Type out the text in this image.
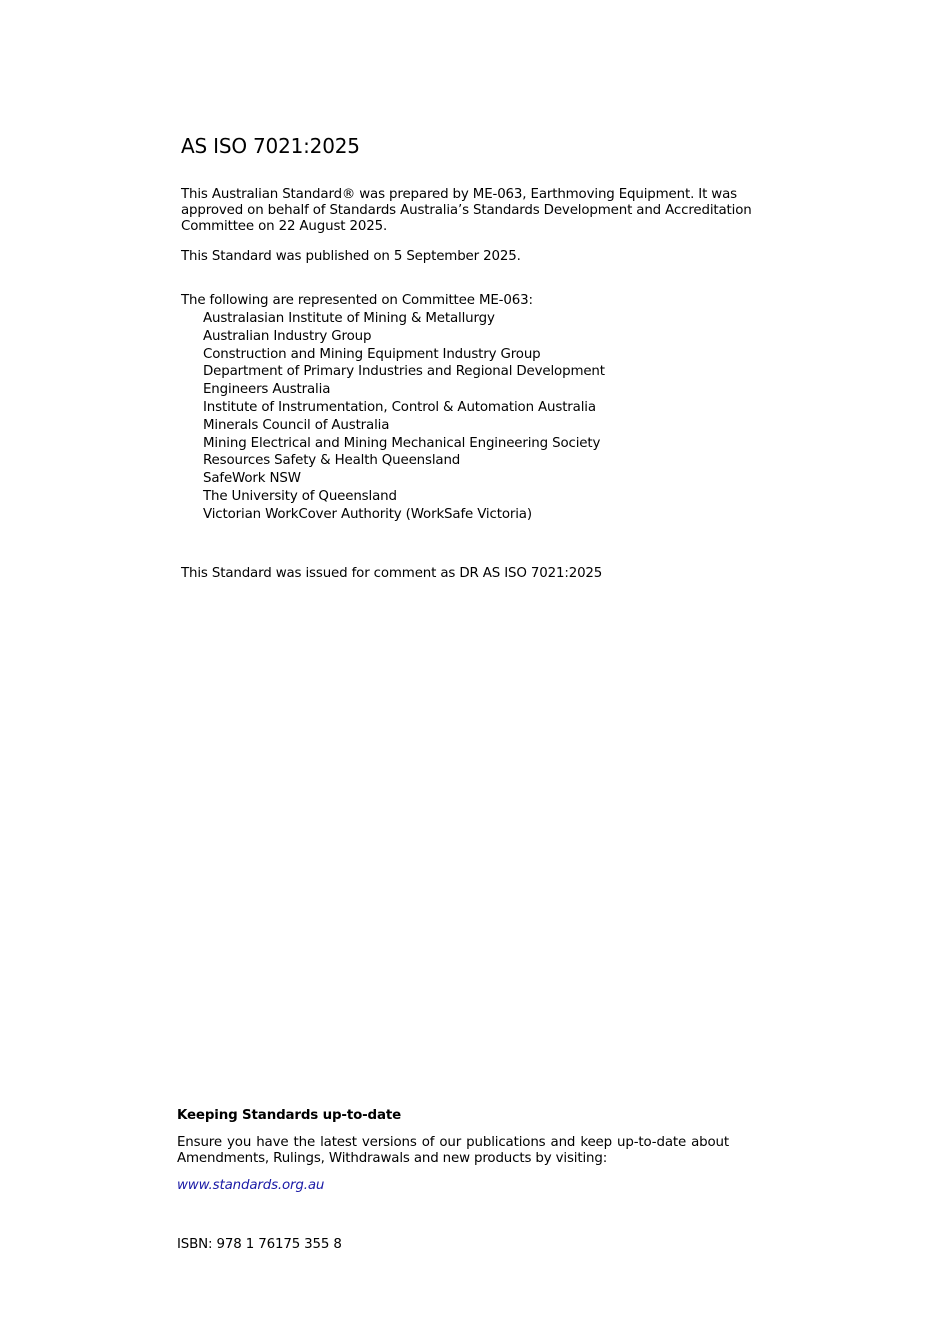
AS ISO 7021:2025
This Australian Standard® was prepared by ME-063, Earthmoving Equipment. It was approved on behalf of Standards Australia’s Standards Development and Accreditation Committee on 22 August 2025.
This Standard was published on 5 September 2025.
The following are represented on Committee ME-063:
Australasian Institute of Mining & Metallurgy
Australian Industry Group
Construction and Mining Equipment Industry Group
Department of Primary Industries and Regional Development
Engineers Australia
Institute of Instrumentation, Control & Automation Australia
Minerals Council of Australia
Mining Electrical and Mining Mechanical Engineering Society
Resources Safety & Health Queensland
SafeWork NSW
The University of Queensland
Victorian WorkCover Authority (WorkSafe Victoria)
This Standard was issued for comment as DR AS ISO 7021:2025
Keeping Standards up-to-date
Ensure you have the latest versions of our publications and keep up-to-date about Amendments, Rulings, Withdrawals and new products by visiting:
www.standards.org.au
ISBN: 978 1 76175 355 8
